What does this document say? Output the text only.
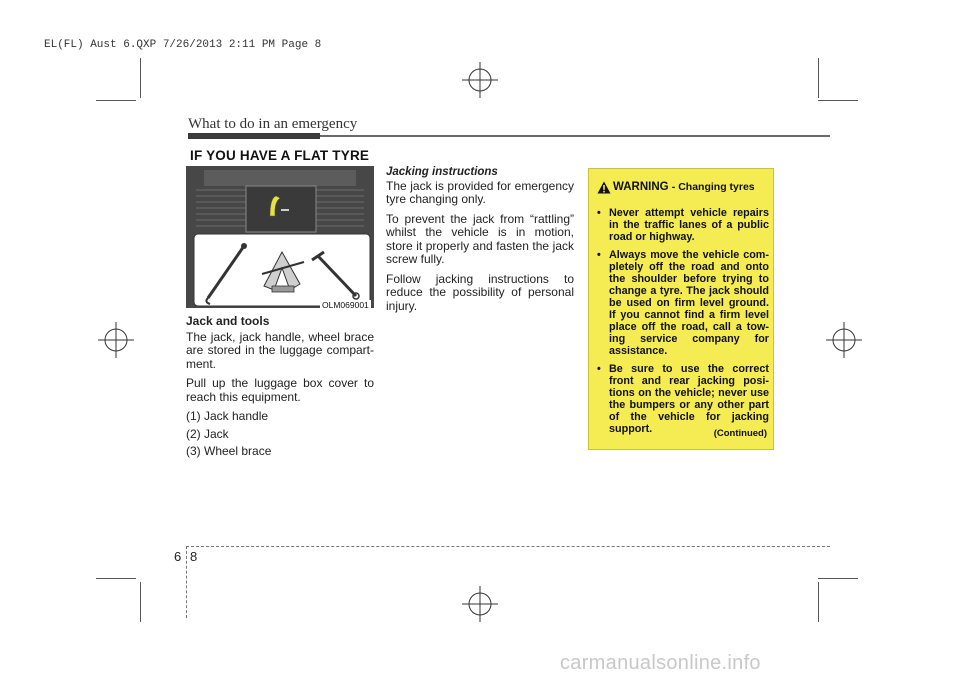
EL(FL) Aust 6.QXP 7/26/2013 2:11 PM Page 8
What to do in an emergency
IF YOU HAVE A FLAT TYRE
OLM069001

Jack and tools

The jack, jack handle, wheel brace are stored in the luggage compart-ment.

Pull up the luggage box cover to reach this equipment.

(1) Jack handle

(2) Jack

(3) Wheel brace

Jacking instructions

The jack is provided for emergency tyre changing only.

To prevent the jack from “rattling” whilst the vehicle is in motion, store it properly and fasten the jack screw fully.

Follow jacking instructions to reduce the possibility of personal injury.

WARNING - Changing tyres
• Never attempt vehicle repairs in the traffic lanes of a public road or highway.
• Always move the vehicle com-pletely off the road and onto the shoulder before trying to change a tyre. The jack should be used on firm level ground. If you cannot find a firm level place off the road, call a tow-ing service company for assistance.
• Be sure to use the correct front and rear jacking posi-tions on the vehicle; never use the bumpers or any other part of the vehicle for jacking support.	(Continued)
6 8
carmanualsonline.info
